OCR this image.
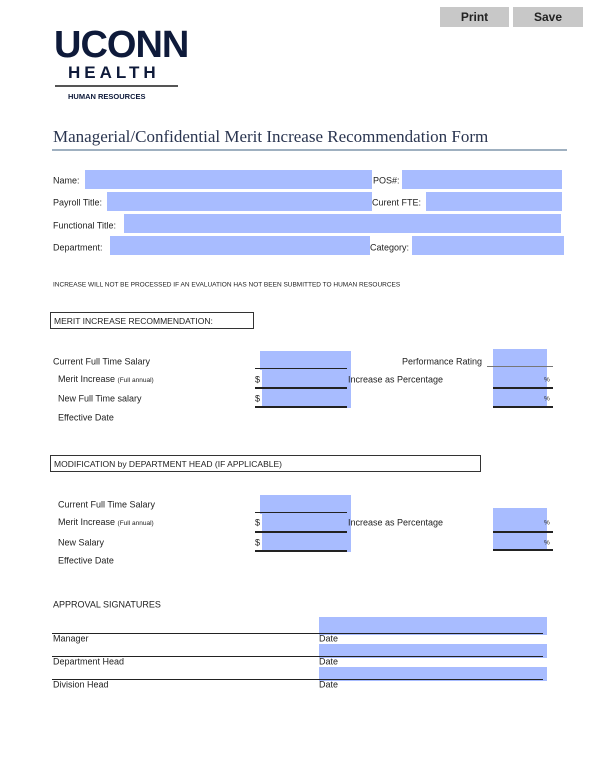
Print	Save
UCONN
HEALTH
HUMAN RESOURCES
Managerial/Confidential Merit Increase Recommendation Form
Name:	POS#:
Payroll Title:	Curent FTE:
Functional Title:
Department:	Category:
INCREASE WILL NOT BE PROCESSED IF AN EVALUATION HAS NOT BEEN SUBMITTED TO HUMAN RESOURCES
MERIT INCREASE RECOMMENDATION:
Current Full Time Salary	Performance Rating
Merit Increase (Full annual)	$	Increase as Percentage	%
New Full Time salary	$	%
Effective Date
MODIFICATION by DEPARTMENT HEAD (IF APPLICABLE)
Current Full Time Salary
Merit Increase (Full annual)	$	Increase as Percentage	%
New Salary	$	%
Effective Date
APPROVAL SIGNATURES
Manager	Date
Department Head	Date
Division Head	Date
